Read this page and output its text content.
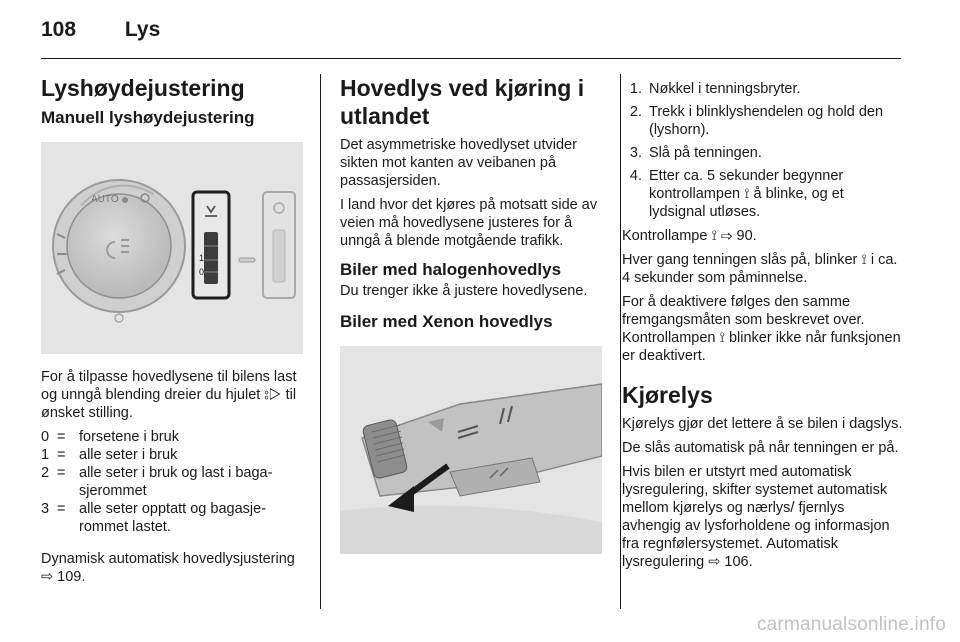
108 Lys
Lyshøydejustering
Manuell lyshøydejustering
AUTO
1
0

For å tilpasse hovedlysene til bilens last og unngå blending dreier du hjulet ⦂▷ til ønsket stilling.

0	=	forsetene i bruk
1	=	alle seter i bruk
2	=	alle seter i bruk og last i bagasjerommet
3	=	alle seter opptatt og bagasjerommet lastet.

Dynamisk automatisk hovedlysjustering ⇨ 109.

Hovedlys ved kjøring i utlandet

Det asymmetriske hovedlyset utvider sikten mot kanten av veibanen på passasjersiden.

I land hvor det kjøres på motsatt side av veien må hovedlysene justeres for å unngå å blende motgående trafikk.

Biler med halogenhovedlys

Du trenger ikke å justere hovedlysene.

Biler med Xenon hovedlys
1. Nøkkel i tenningsbryter.
2. Trekk i blinklyshendelen og hold den (lyshorn).
3. Slå på tenningen.
4. Etter ca. 5 sekunder begynner kontrollampen ⟟ å blinke, og et lydsignal utløses.

Kontrollampe ⟟ ⇨ 90.

Hver gang tenningen slås på, blinker ⟟ i ca. 4 sekunder som påminnelse.

For å deaktivere følges den samme fremgangsmåten som beskrevet over. Kontrollampen ⟟ blinker ikke når funksjonen er deaktivert.

Kjørelys

Kjørelys gjør det lettere å se bilen i dagslys.

De slås automatisk på når tenningen er på.

Hvis bilen er utstyrt med automatisk lysregulering, skifter systemet automatisk mellom kjørelys og nærlys/ fjernlys avhengig av lysforholdene og informasjon fra regnfølersystemet. Automatisk lysregulering ⇨ 106.

carmanualsonline.info
